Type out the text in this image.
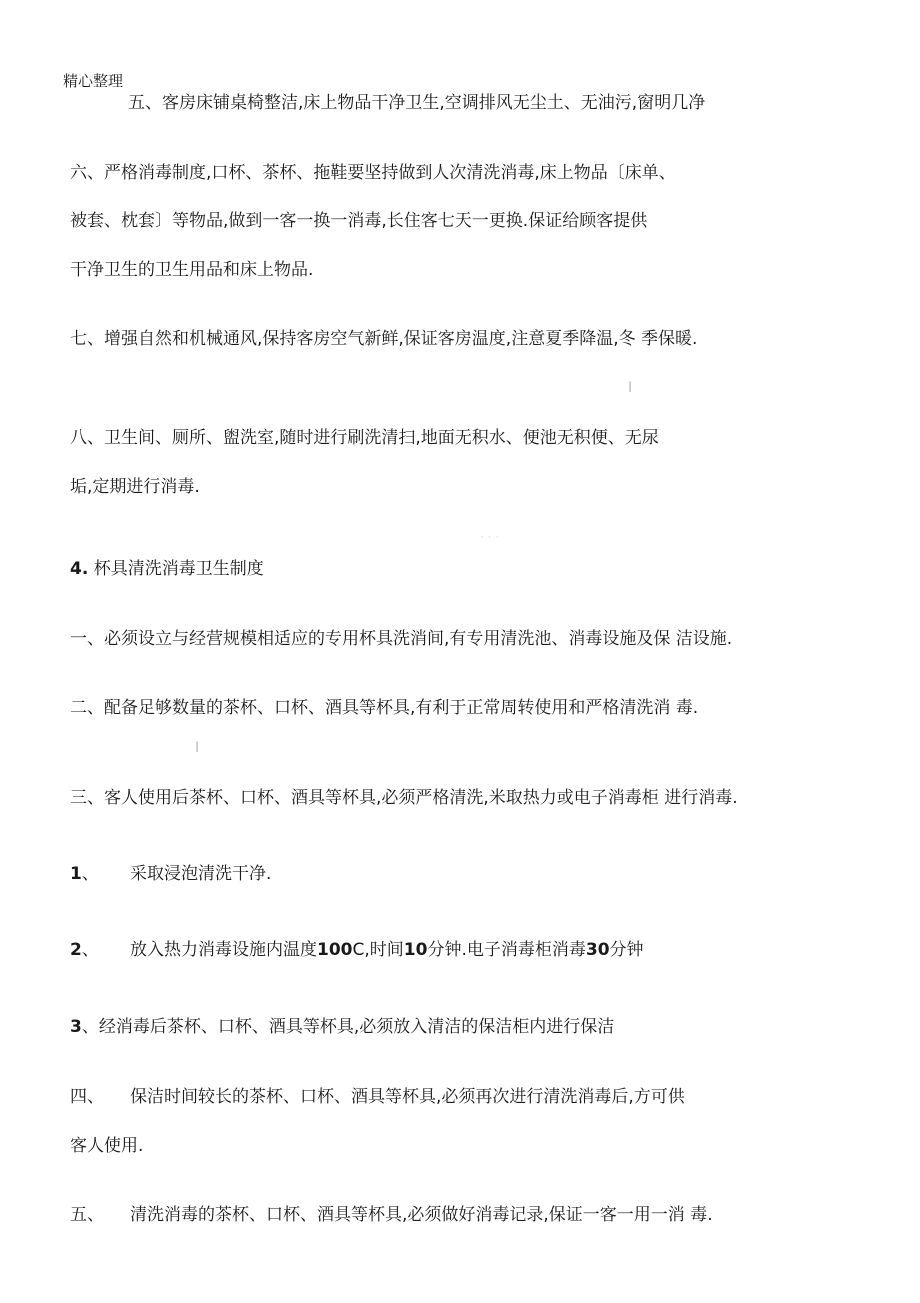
精心整理
五、客房床铺桌椅整洁,床上物品干净卫生,空调排风无尘土、无油污,窗明几净
六、严格消毒制度,口杯、茶杯、拖鞋要坚持做到人次清洗消毒,床上物品〔床单、
被套、枕套〕等物品,做到一客一换一消毒,长住客七天一更换.保证给顾客提供
干净卫生的卫生用品和床上物品.
七、增强自然和机械通风,保持客房空气新鲜,保证客房温度,注意夏季降温,冬 季保暖.
I
八、卫生间、厕所、盥洗室,随时进行刷洗清扫,地面无积水、便池无积便、无尿
垢,定期进行消毒.
· · ·
4. 杯具清洗消毒卫生制度
一、必须设立与经营规模相适应的专用杯具洗消间,有专用清洗池、消毒设施及保 洁设施.
二、配备足够数量的茶杯、口杯、酒具等杯具,有利于正常周转使用和严格清洗消 毒.
I
三、客人使用后茶杯、口杯、酒具等杯具,必须严格清洗,米取热力或电子消毒柜 进行消毒.
1、	采取浸泡清洗干净.
2、	放入热力消毒设施内温度100C,时间10分钟.电子消毒柜消毒30分钟
3、经消毒后茶杯、口杯、酒具等杯具,必须放入清洁的保洁柜内进行保洁
四、	保洁时间较长的茶杯、口杯、酒具等杯具,必须再次进行清洗消毒后,方可供
客人使用.
五、	清洗消毒的茶杯、口杯、酒具等杯具,必须做好消毒记录,保证一客一用一消 毒.
